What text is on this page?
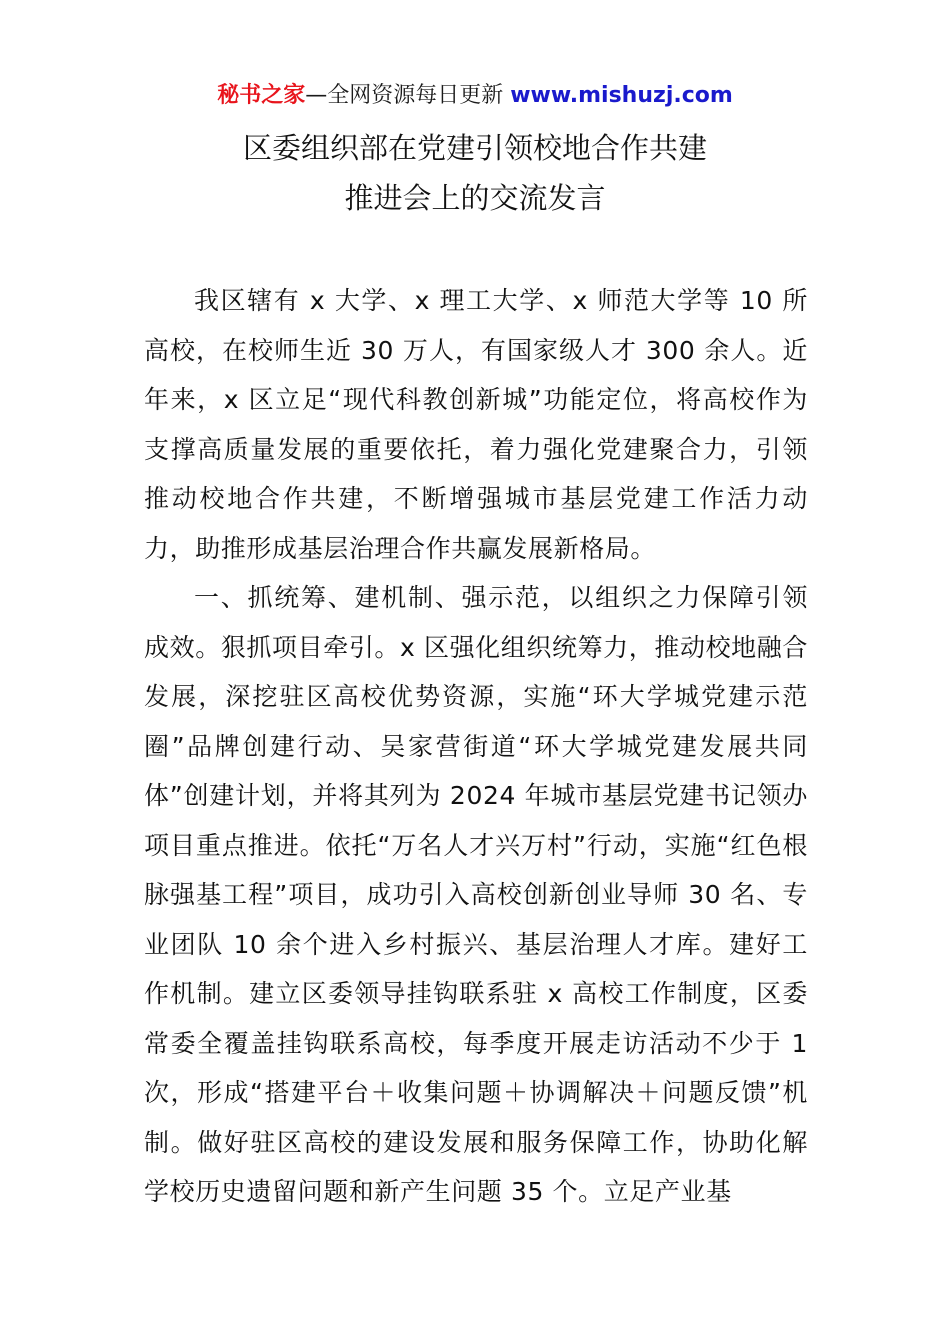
秘书之家—全网资源每日更新 www.mishuzj.com
区委组织部在党建引领校地合作共建
推进会上的交流发言

我区辖有 x 大学、x 理工大学、x 师范大学等 10 所高校，在校师生近 30 万人，有国家级人才 300 余人。近年来，x 区立足“现代科教创新城”功能定位，将高校作为支撑高质量发展的重要依托，着力强化党建聚合力，引领推动校地合作共建，不断增强城市基层党建工作活力动力，助推形成基层治理合作共赢发展新格局。

一、抓统筹、建机制、强示范，以组织之力保障引领成效。狠抓项目牵引。x 区强化组织统筹力，推动校地融合发展，深挖驻区高校优势资源，实施“环大学城党建示范圈”品牌创建行动、吴家营街道“环大学城党建发展共同体”创建计划，并将其列为 2024 年城市基层党建书记领办项目重点推进。依托“万名人才兴万村”行动，实施“红色根脉强基工程”项目，成功引入高校创新创业导师 30 名、专业团队 10 余个进入乡村振兴、基层治理人才库。建好工作机制。建立区委领导挂钩联系驻 x 高校工作制度，区委常委全覆盖挂钩联系高校，每季度开展走访活动不少于 1 次，形成“搭建平台＋收集问题＋协调解决＋问题反馈”机制。做好驻区高校的建设发展和服务保障工作，协助化解学校历史遗留问题和新产生问题 35 个。立足产业基
